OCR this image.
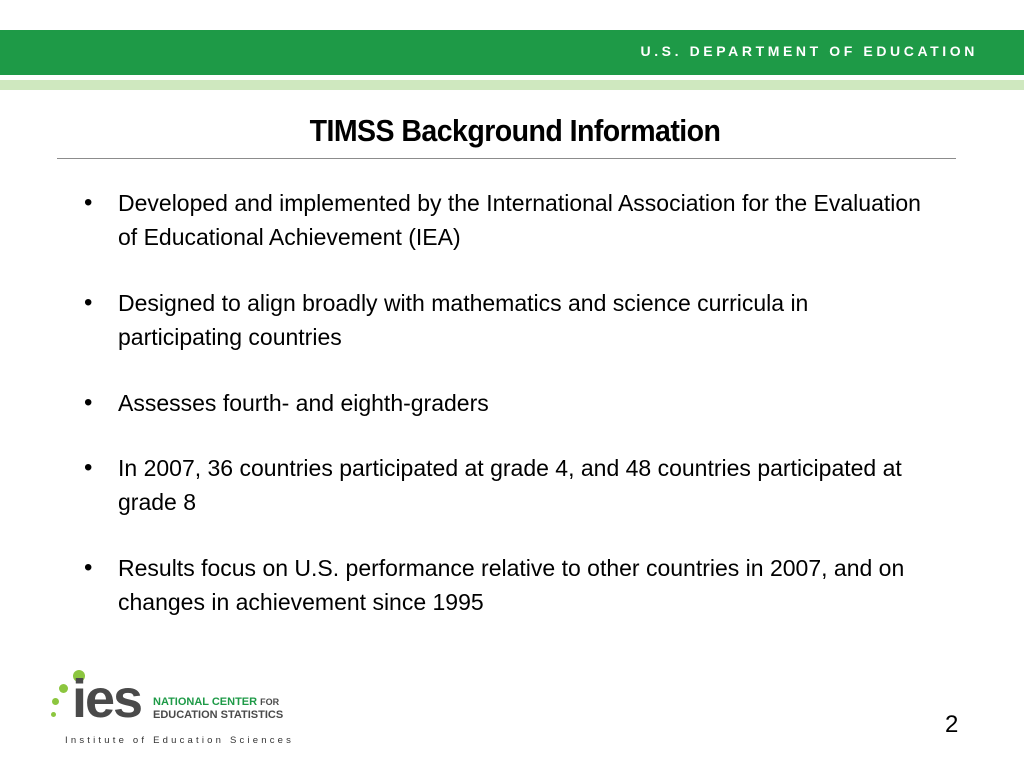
U.S. DEPARTMENT OF EDUCATION
TIMSS Background Information
• Developed and implemented by the International Association for the Evaluation of Educational Achievement (IEA)
• Designed to align broadly with mathematics and science curricula in participating countries
• Assesses fourth- and eighth-graders
• In 2007, 36 countries participated at grade 4, and 48 countries participated at grade 8
• Results focus on U.S. performance relative to other countries in 2007, and on changes in achievement since 1995
ies NATIONAL CENTER FOR
EDUCATION STATISTICS
Institute of Education Sciences
2
